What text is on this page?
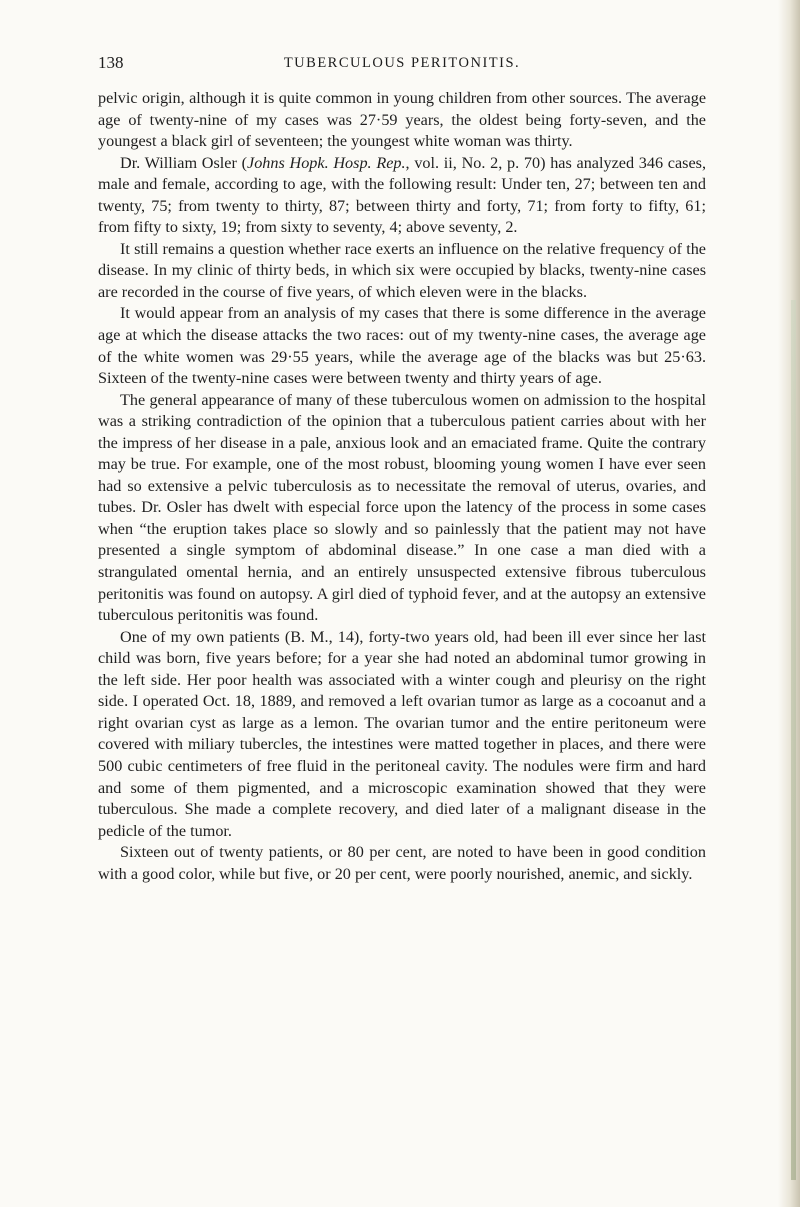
138	TUBERCULOUS PERITONITIS.

pelvic origin, although it is quite common in young children from other sources. The average age of twenty-nine of my cases was 27·59 years, the oldest being forty-seven, and the youngest a black girl of seventeen; the youngest white woman was thirty.

Dr. William Osler (Johns Hopk. Hosp. Rep., vol. ii, No. 2, p. 70) has analyzed 346 cases, male and female, according to age, with the following result: Under ten, 27; between ten and twenty, 75; from twenty to thirty, 87; between thirty and forty, 71; from forty to fifty, 61; from fifty to sixty, 19; from sixty to seventy, 4; above seventy, 2.

It still remains a question whether race exerts an influence on the relative frequency of the disease. In my clinic of thirty beds, in which six were occupied by blacks, twenty-nine cases are recorded in the course of five years, of which eleven were in the blacks.

It would appear from an analysis of my cases that there is some difference in the average age at which the disease attacks the two races: out of my twenty-nine cases, the average age of the white women was 29·55 years, while the average age of the blacks was but 25·63. Sixteen of the twenty-nine cases were between twenty and thirty years of age.

The general appearance of many of these tuberculous women on admission to the hospital was a striking contradiction of the opinion that a tuberculous patient carries about with her the impress of her disease in a pale, anxious look and an emaciated frame. Quite the contrary may be true. For example, one of the most robust, blooming young women I have ever seen had so extensive a pelvic tuberculosis as to necessitate the removal of uterus, ovaries, and tubes. Dr. Osler has dwelt with especial force upon the latency of the process in some cases when “the eruption takes place so slowly and so painlessly that the patient may not have presented a single symptom of abdominal disease.” In one case a man died with a strangulated omental hernia, and an entirely unsuspected extensive fibrous tuberculous peritonitis was found on autopsy. A girl died of typhoid fever, and at the autopsy an extensive tuberculous peritonitis was found.

One of my own patients (B. M., 14), forty-two years old, had been ill ever since her last child was born, five years before; for a year she had noted an abdominal tumor growing in the left side. Her poor health was associated with a winter cough and pleurisy on the right side. I operated Oct. 18, 1889, and removed a left ovarian tumor as large as a cocoanut and a right ovarian cyst as large as a lemon. The ovarian tumor and the entire peritoneum were covered with miliary tubercles, the intestines were matted together in places, and there were 500 cubic centimeters of free fluid in the peritoneal cavity. The nodules were firm and hard and some of them pigmented, and a microscopic examination showed that they were tuberculous. She made a complete recovery, and died later of a malignant disease in the pedicle of the tumor.

Sixteen out of twenty patients, or 80 per cent, are noted to have been in good condition with a good color, while but five, or 20 per cent, were poorly nourished, anemic, and sickly.
